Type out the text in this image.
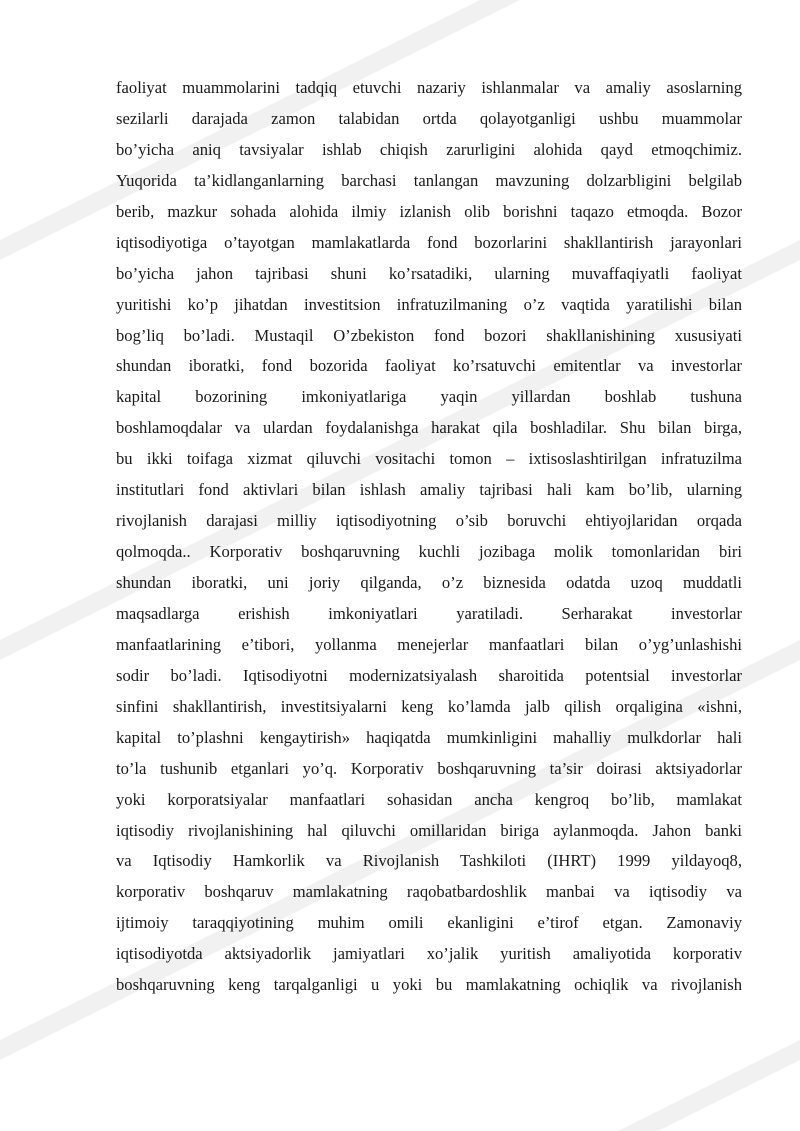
faoliyat muammolarini tadqiq etuvchi nazariy ishlanmalar va amaliy asoslarning
sezilarli darajada zamon talabidan ortda qolayotganligi ushbu muammolar
bo’yicha aniq tavsiyalar ishlab chiqish zarurligini alohida qayd etmoqchimiz.
Yuqorida ta’kidlanganlarning barchasi tanlangan mavzuning dolzarbligini belgilab
berib, mazkur sohada alohida ilmiy izlanish olib borishni taqazo etmoqda. Bozor
iqtisodiyotiga o’tayotgan mamlakatlarda fond bozorlarini shakllantirish jarayonlari
bo’yicha jahon tajribasi shuni ko’rsatadiki, ularning muvaffaqiyatli faoliyat
yuritishi ko’p jihatdan investitsion infratuzilmaning o’z vaqtida yaratilishi bilan
bog’liq bo’ladi. Mustaqil O’zbekiston fond bozori shakllanishining xususiyati
shundan iboratki, fond bozorida faoliyat ko’rsatuvchi emitentlar va investorlar
kapital bozorining imkoniyatlariga yaqin yillardan boshlab tushuna
boshlamoqdalar va ulardan foydalanishga harakat qila boshladilar. Shu bilan birga,
bu ikki toifaga xizmat qiluvchi vositachi tomon – ixtisoslashtirilgan infratuzilma
institutlari fond aktivlari bilan ishlash amaliy tajribasi hali kam bo’lib, ularning
rivojlanish darajasi milliy iqtisodiyotning o’sib boruvchi ehtiyojlaridan orqada
qolmoqda.. Korporativ boshqaruvning kuchli jozibaga molik tomonlaridan biri
shundan iboratki, uni joriy qilganda, o’z biznesida odatda uzoq muddatli
maqsadlarga erishish imkoniyatlari yaratiladi. Serharakat investorlar
manfaatlarining e’tibori, yollanma menejerlar manfaatlari bilan o’yg’unlashishi
sodir bo’ladi. Iqtisodiyotni modernizatsiyalash sharoitida potentsial investorlar
sinfini shakllantirish, investitsiyalarni keng ko’lamda jalb qilish orqaligina «ishni,
kapital to’plashni kengaytirish» haqiqatda mumkinligini mahalliy mulkdorlar hali
to’la tushunib etganlari yo’q. Korporativ boshqaruvning ta’sir doirasi aktsiyadorlar
yoki korporatsiyalar manfaatlari sohasidan ancha kengroq bo’lib, mamlakat
iqtisodiy rivojlanishining hal qiluvchi omillaridan biriga aylanmoqda. Jahon banki
va Iqtisodiy Hamkorlik va Rivojlanish Tashkiloti (IHRT) 1999 yildayoq8,
korporativ boshqaruv mamlakatning raqobatbardoshlik manbai va iqtisodiy va
ijtimoiy taraqqiyotining muhim omili ekanligini e’tirof etgan. Zamonaviy
iqtisodiyotda aktsiyadorlik jamiyatlari xo’jalik yuritish amaliyotida korporativ
boshqaruvning keng tarqalganligi u yoki bu mamlakatning ochiqlik va rivojlanish
